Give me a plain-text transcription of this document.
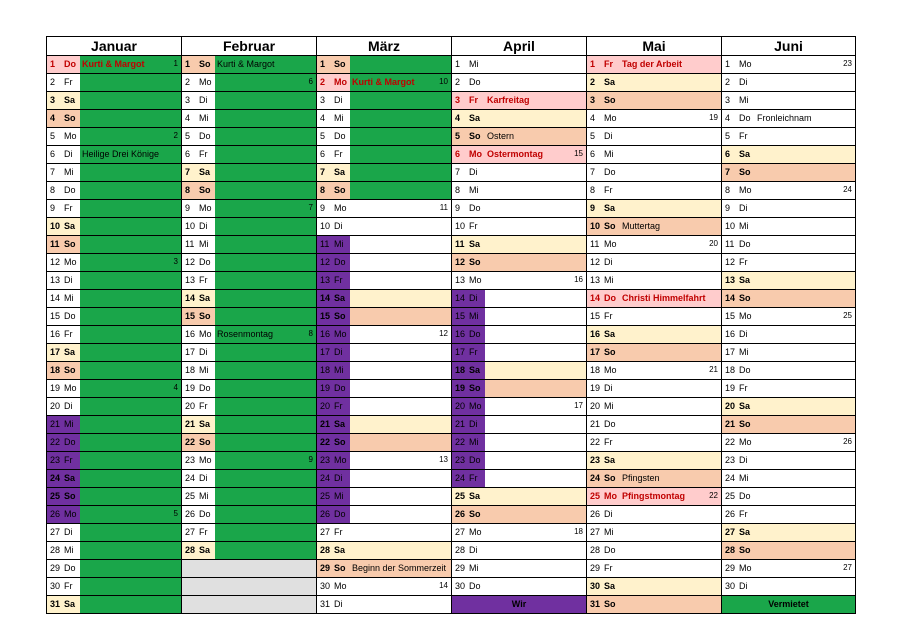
Januar
1 Do Kurti & Margot	1
2 Fr
3 Sa
4 So
5 Mo	2
6 Di Heilige Drei Könige
7 Mi
8 Do
9 Fr
10 Sa
11 So
12 Mo	3
13 Di
14 Mi
15 Do
16 Fr
17 Sa
18 So
19 Mo	4
20 Di
21 Mi
22 Do
23 Fr
24 Sa
25 So
26 Mo	5
27 Di
28 Mi
29 Do
30 Fr
31 Sa
Februar
1 So Kurti & Margot
2 Mo	6
3 Di
4 Mi
5 Do
6 Fr
7 Sa
8 So
9 Mo	7
10 Di
11 Mi
12 Do
13 Fr
14 Sa
15 So
16 Mo Rosenmontag	8
17 Di
18 Mi
19 Do
20 Fr
21 Sa
22 So
23 Mo	9
24 Di
25 Mi
26 Do
27 Fr
28 Sa
März
1 So
2 Mo Kurti & Margot	10
3 Di
4 Mi
5 Do
6 Fr
7 Sa
8 So
9 Mo	11
10 Di
11 Mi
12 Do
13 Fr
14 Sa
15 So
16 Mo	12
17 Di
18 Mi
19 Do
20 Fr
21 Sa
22 So
23 Mo	13
24 Di
25 Mi
26 Do
27 Fr
28 Sa
29 So Beginn der Sommerzeit
30 Mo	14
31 Di
April
1 Mi
2 Do
3 Fr Karfreitag
4 Sa
5 So Ostern
6 Mo Ostermontag	15
7 Di
8 Mi
9 Do
10 Fr
11 Sa
12 So
13 Mo	16
14 Di
15 Mi
16 Do
17 Fr
18 Sa
19 So
20 Mo	17
21 Di
22 Mi
23 Do
24 Fr
25 Sa
26 So
27 Mo	18
28 Di
29 Mi
30 Do
Wir
Mai
1 Fr Tag der Arbeit
2 Sa
3 So
4 Mo	19
5 Di
6 Mi
7 Do
8 Fr
9 Sa
10 So Muttertag
11 Mo	20
12 Di
13 Mi
14 Do Christi Himmelfahrt
15 Fr
16 Sa
17 So
18 Mo	21
19 Di
20 Mi
21 Do
22 Fr
23 Sa
24 So Pfingsten
25 Mo Pfingstmontag	22
26 Di
27 Mi
28 Do
29 Fr
30 Sa
31 So
Juni
1 Mo	23
2 Di
3 Mi
4 Do Fronleichnam
5 Fr
6 Sa
7 So
8 Mo	24
9 Di
10 Mi
11 Do
12 Fr
13 Sa
14 So
15 Mo	25
16 Di
17 Mi
18 Do
19 Fr
20 Sa
21 So
22 Mo	26
23 Di
24 Mi
25 Do
26 Fr
27 Sa
28 So
29 Mo	27
30 Di
Vermietet
